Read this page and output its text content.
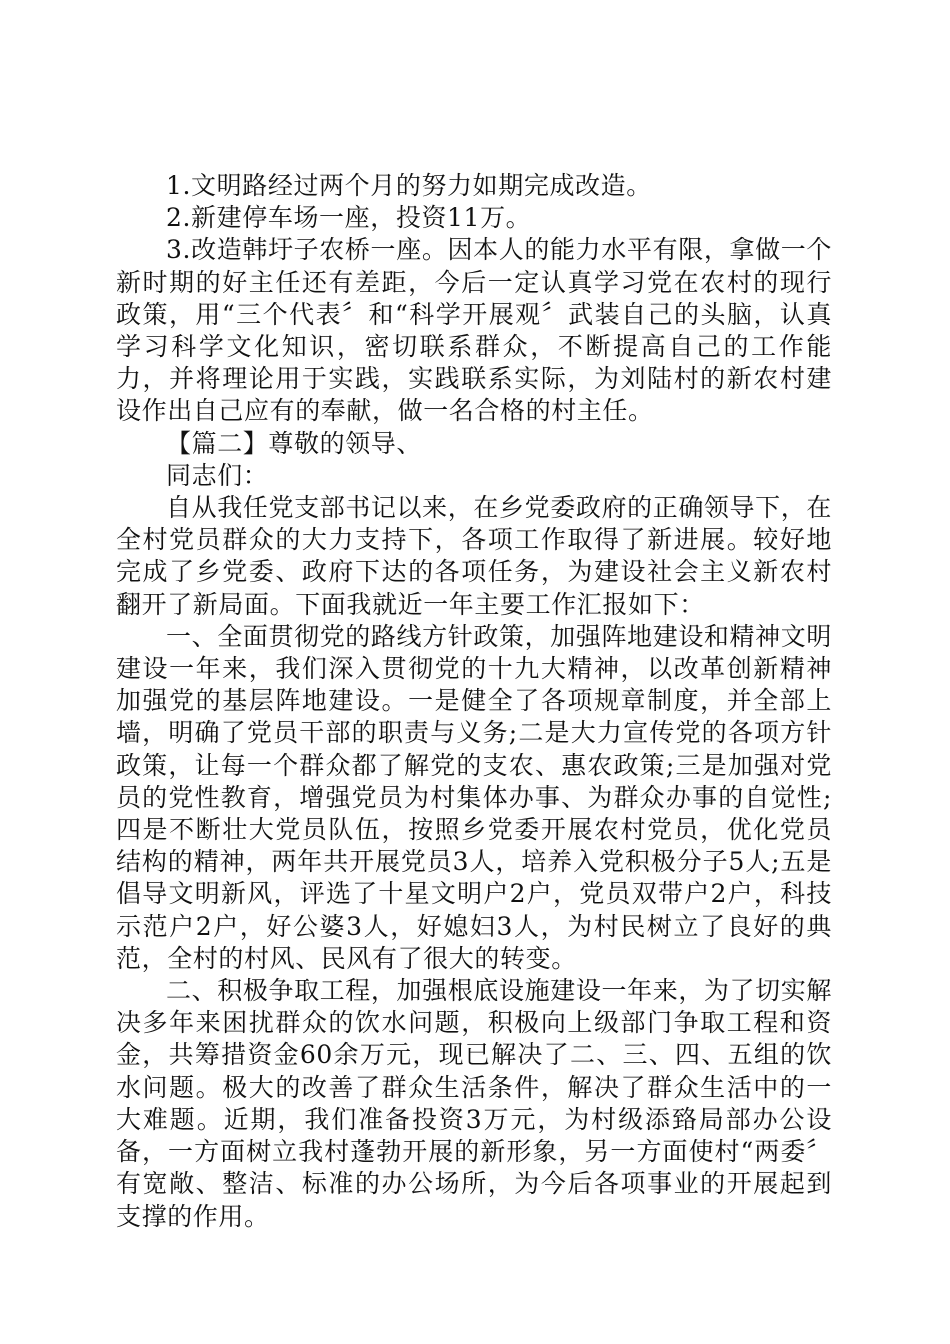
1.文明路经过两个月的努力如期完成改造。

2.新建停车场一座，投资11万。

3.改造韩圩子农桥一座。因本人的能力水平有限，拿做一个新时期的好主任还有差距，今后一定认真学习党在农村的现行政策，用“三个代表〞和“科学开展观〞武装自己的头脑，认真学习科学文化知识，密切联系群众，不断提高自己的工作能力，并将理论用于实践，实践联系实际，为刘陆村的新农村建设作出自己应有的奉献，做一名合格的村主任。

【篇二】尊敬的领导、

同志们：

自从我任党支部书记以来，在乡党委政府的正确领导下，在全村党员群众的大力支持下，各项工作取得了新进展。较好地完成了乡党委、政府下达的各项任务，为建设社会主义新农村翻开了新局面。下面我就近一年主要工作汇报如下：

一、全面贯彻党的路线方针政策，加强阵地建设和精神文明建设一年来，我们深入贯彻党的十九大精神，以改革创新精神加强党的基层阵地建设。一是健全了各项规章制度，并全部上墙，明确了党员干部的职责与义务;二是大力宣传党的各项方针政策，让每一个群众都了解党的支农、惠农政策;三是加强对党员的党性教育，增强党员为村集体办事、为群众办事的自觉性;四是不断壮大党员队伍，按照乡党委开展农村党员，优化党员结构的精神，两年共开展党员3人，培养入党积极分子5人;五是倡导文明新风，评选了十星文明户2户，党员双带户2户，科技示范户2户，好公婆3人，好媳妇3人，为村民树立了良好的典范，全村的村风、民风有了很大的转变。

二、积极争取工程，加强根底设施建设一年来，为了切实解决多年来困扰群众的饮水问题，积极向上级部门争取工程和资金，共筹措资金60余万元，现已解决了二、三、四、五组的饮水问题。极大的改善了群众生活条件，解决了群众生活中的一大难题。近期，我们准备投资3万元，为村级添臵局部办公设备，一方面树立我村蓬勃开展的新形象，另一方面使村“两委〞有宽敞、整洁、标准的办公场所，为今后各项事业的开展起到支撑的作用。
